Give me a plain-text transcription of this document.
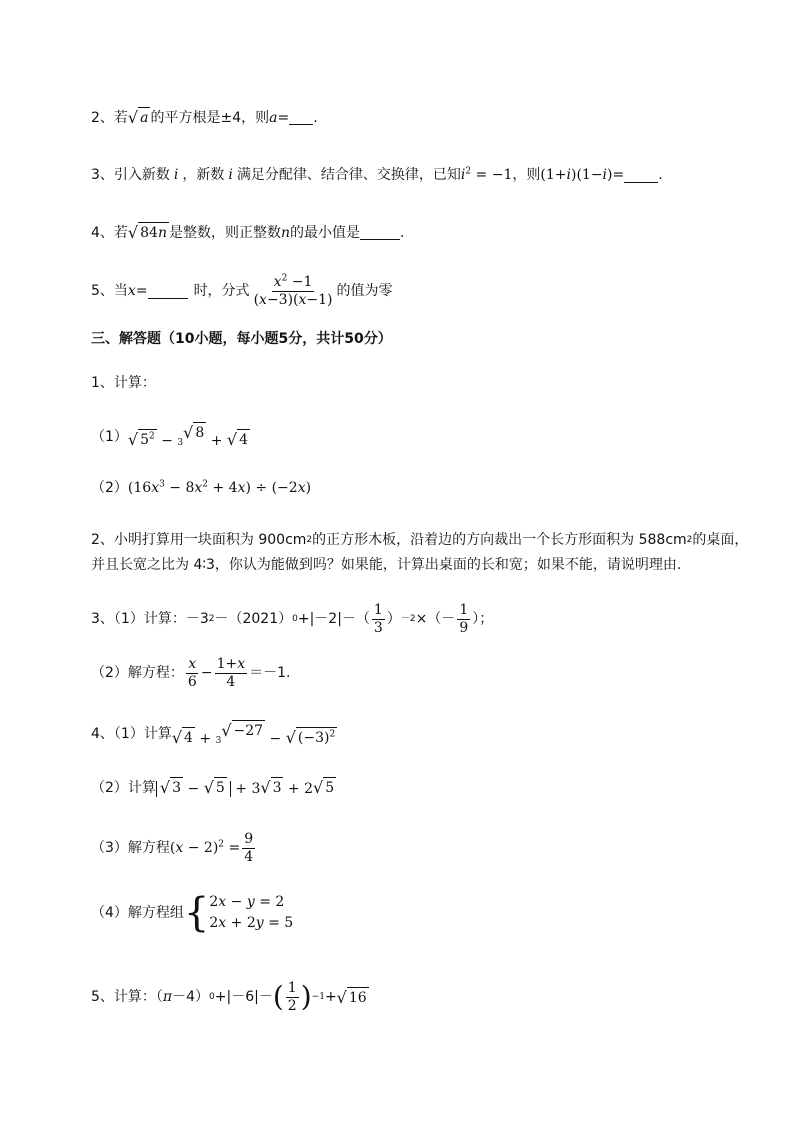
2、若 √ a 的平方根是±4，则 a = .
3、引入新数 i ，新数 i 满足分配律、结合律、交换律，已知 $i^2 = -1$ ，则 (1+i)(1−i) = .
4、若 √ 84n 是整数，则正整数 n 的最小值是	.
5、当 x =	时，分式 $\frac{x^2 -1}{(x-3)(x-1)}$ 的值为零
三、解答题（10小题，每小题5分，共计50分）
1、计算：
（1） √ $5^2 - 3$
√ 8 + √ 4
（2） $(16x^3 - 8x^2 + 4x) \div (-2x)$
2、小明打算用一块面积为 900cm 2 的正方形木板，沿着边的方向裁出一个长方形面积为 588cm 2 的桌面，
并且长宽之比为 4∶3，你认为能做到吗？如果能，计算出桌面的长和宽；如果不能，请说明理由.
3、（1）计算：－3 2 －（2021） $0 +|-2|-( \frac{1}{3}$ ） －2 ×（－ $\frac{1}{9}$ ）；
（2）解方程： $\frac{x}{6} - \frac{1+x}{4} =-1$.
4、（1）计算 √ 4 + 3
√ −27 − √ $(-3)^2$
（2）计算 √ 3 − √ 5 + 3 √ 3 + 2 √ 5
（3）解方程 $(x - 2)^2 = \frac{9}{4}$
（4）解方程组 { 2x − y = 2
2x + 2y = 5
5、计算：（ π －4） 0 +|－6|－ ( $\frac{1}{2}$ ) −1 + √ 16
